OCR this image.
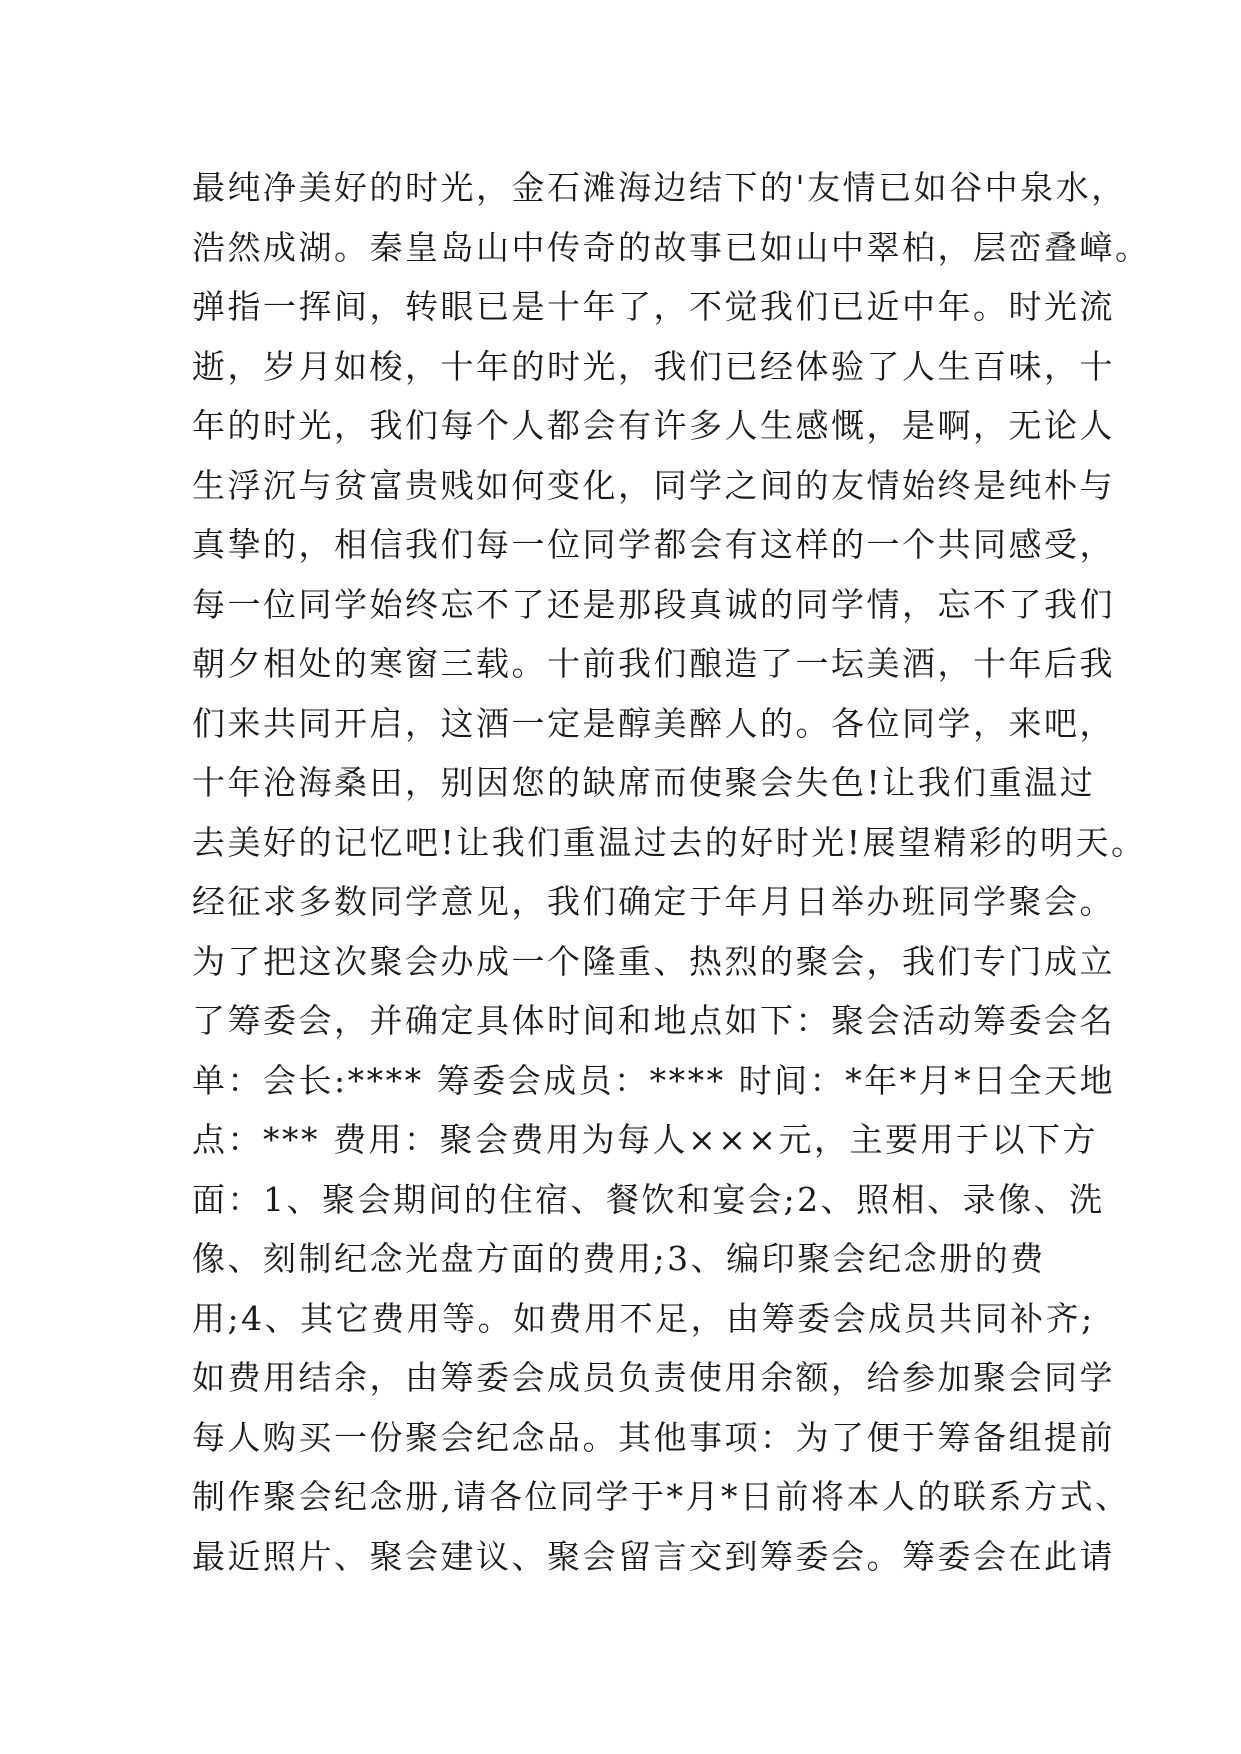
最纯净美好的时光，金石滩海边结下的'友情已如谷中泉水，
浩然成湖。秦皇岛山中传奇的故事已如山中翠柏，层峦叠嶂。
弹指一挥间，转眼已是十年了，不觉我们已近中年。时光流
逝，岁月如梭，十年的时光，我们已经体验了人生百味，十
年的时光，我们每个人都会有许多人生感慨，是啊，无论人
生浮沉与贫富贵贱如何变化，同学之间的友情始终是纯朴与
真挚的，相信我们每一位同学都会有这样的一个共同感受，
每一位同学始终忘不了还是那段真诚的同学情，忘不了我们
朝夕相处的寒窗三载。十前我们酿造了一坛美酒，十年后我
们来共同开启，这酒一定是醇美醉人的。各位同学，来吧，
十年沧海桑田，别因您的缺席而使聚会失色!让我们重温过
去美好的记忆吧!让我们重温过去的好时光!展望精彩的明天。
经征求多数同学意见，我们确定于年月日举办班同学聚会。
为了把这次聚会办成一个隆重、热烈的聚会，我们专门成立
了筹委会，并确定具体时间和地点如下：聚会活动筹委会名
单：会长:**** 筹委会成员：**** 时间：*年*月*日全天地
点：*** 费用：聚会费用为每人×××元，主要用于以下方
面：1、聚会期间的住宿、餐饮和宴会;2、照相、录像、洗
像、刻制纪念光盘方面的费用;3、编印聚会纪念册的费
用;4、其它费用等。如费用不足，由筹委会成员共同补齐;
如费用结余，由筹委会成员负责使用余额，给参加聚会同学
每人购买一份聚会纪念品。其他事项：为了便于筹备组提前
制作聚会纪念册,请各位同学于*月*日前将本人的联系方式、
最近照片、聚会建议、聚会留言交到筹委会。筹委会在此请
